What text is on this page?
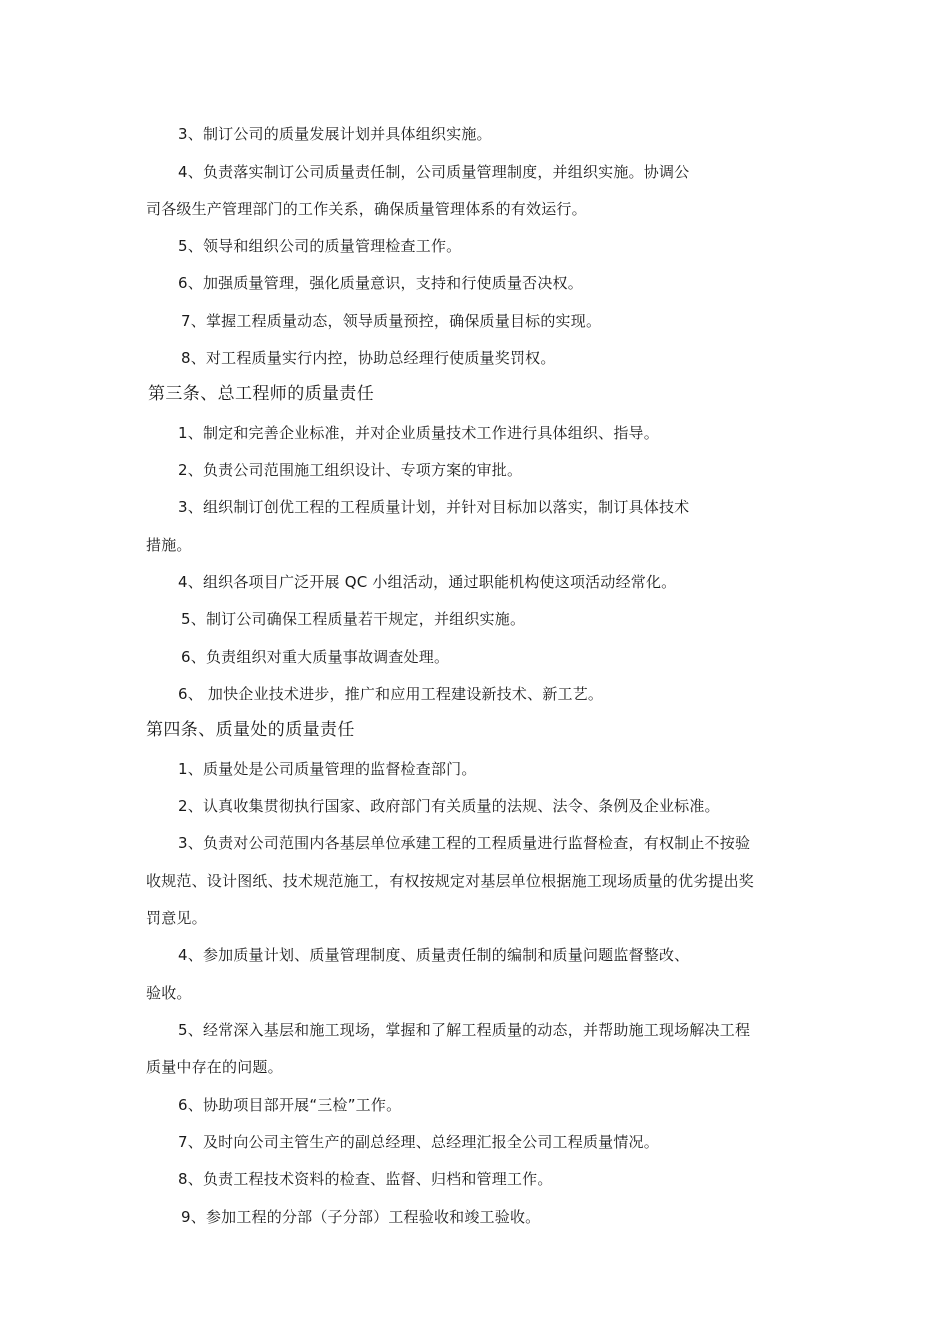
3、制订公司的质量发展计划并具体组织实施。
4、负责落实制订公司质量责任制，公司质量管理制度，并组织实施。协调公
司各级生产管理部门的工作关系，确保质量管理体系的有效运行。
5、领导和组织公司的质量管理检查工作。
6、加强质量管理，强化质量意识，支持和行使质量否决权。
7、掌握工程质量动态，领导质量预控，确保质量目标的实现。
8、对工程质量实行内控，协助总经理行使质量奖罚权。
第三条、总工程师的质量责任
1、制定和完善企业标准，并对企业质量技术工作进行具体组织、指导。
2、负责公司范围施工组织设计、专项方案的审批。
3、组织制订创优工程的工程质量计划，并针对目标加以落实，制订具体技术
措施。
4、组织各项目广泛开展 QC 小组活动，通过职能机构使这项活动经常化。
5、制订公司确保工程质量若干规定，并组织实施。
6、负责组织对重大质量事故调查处理。
6、 加快企业技术进步，推广和应用工程建设新技术、新工艺。
第四条、质量处的质量责任
1、质量处是公司质量管理的监督检查部门。
2、认真收集贯彻执行国家、政府部门有关质量的法规、法令、条例及企业标准。
3、负责对公司范围内各基层单位承建工程的工程质量进行监督检查，有权制止不按验
收规范、设计图纸、技术规范施工，有权按规定对基层单位根据施工现场质量的优劣提出奖
罚意见。
4、参加质量计划、质量管理制度、质量责任制的编制和质量问题监督整改、
验收。
5、经常深入基层和施工现场，掌握和了解工程质量的动态，并帮助施工现场解决工程
质量中存在的问题。
6、协助项目部开展“三检”工作。
7、及时向公司主管生产的副总经理、总经理汇报全公司工程质量情况。
8、负责工程技术资料的检查、监督、归档和管理工作。
9、参加工程的分部（子分部）工程验收和竣工验收。
